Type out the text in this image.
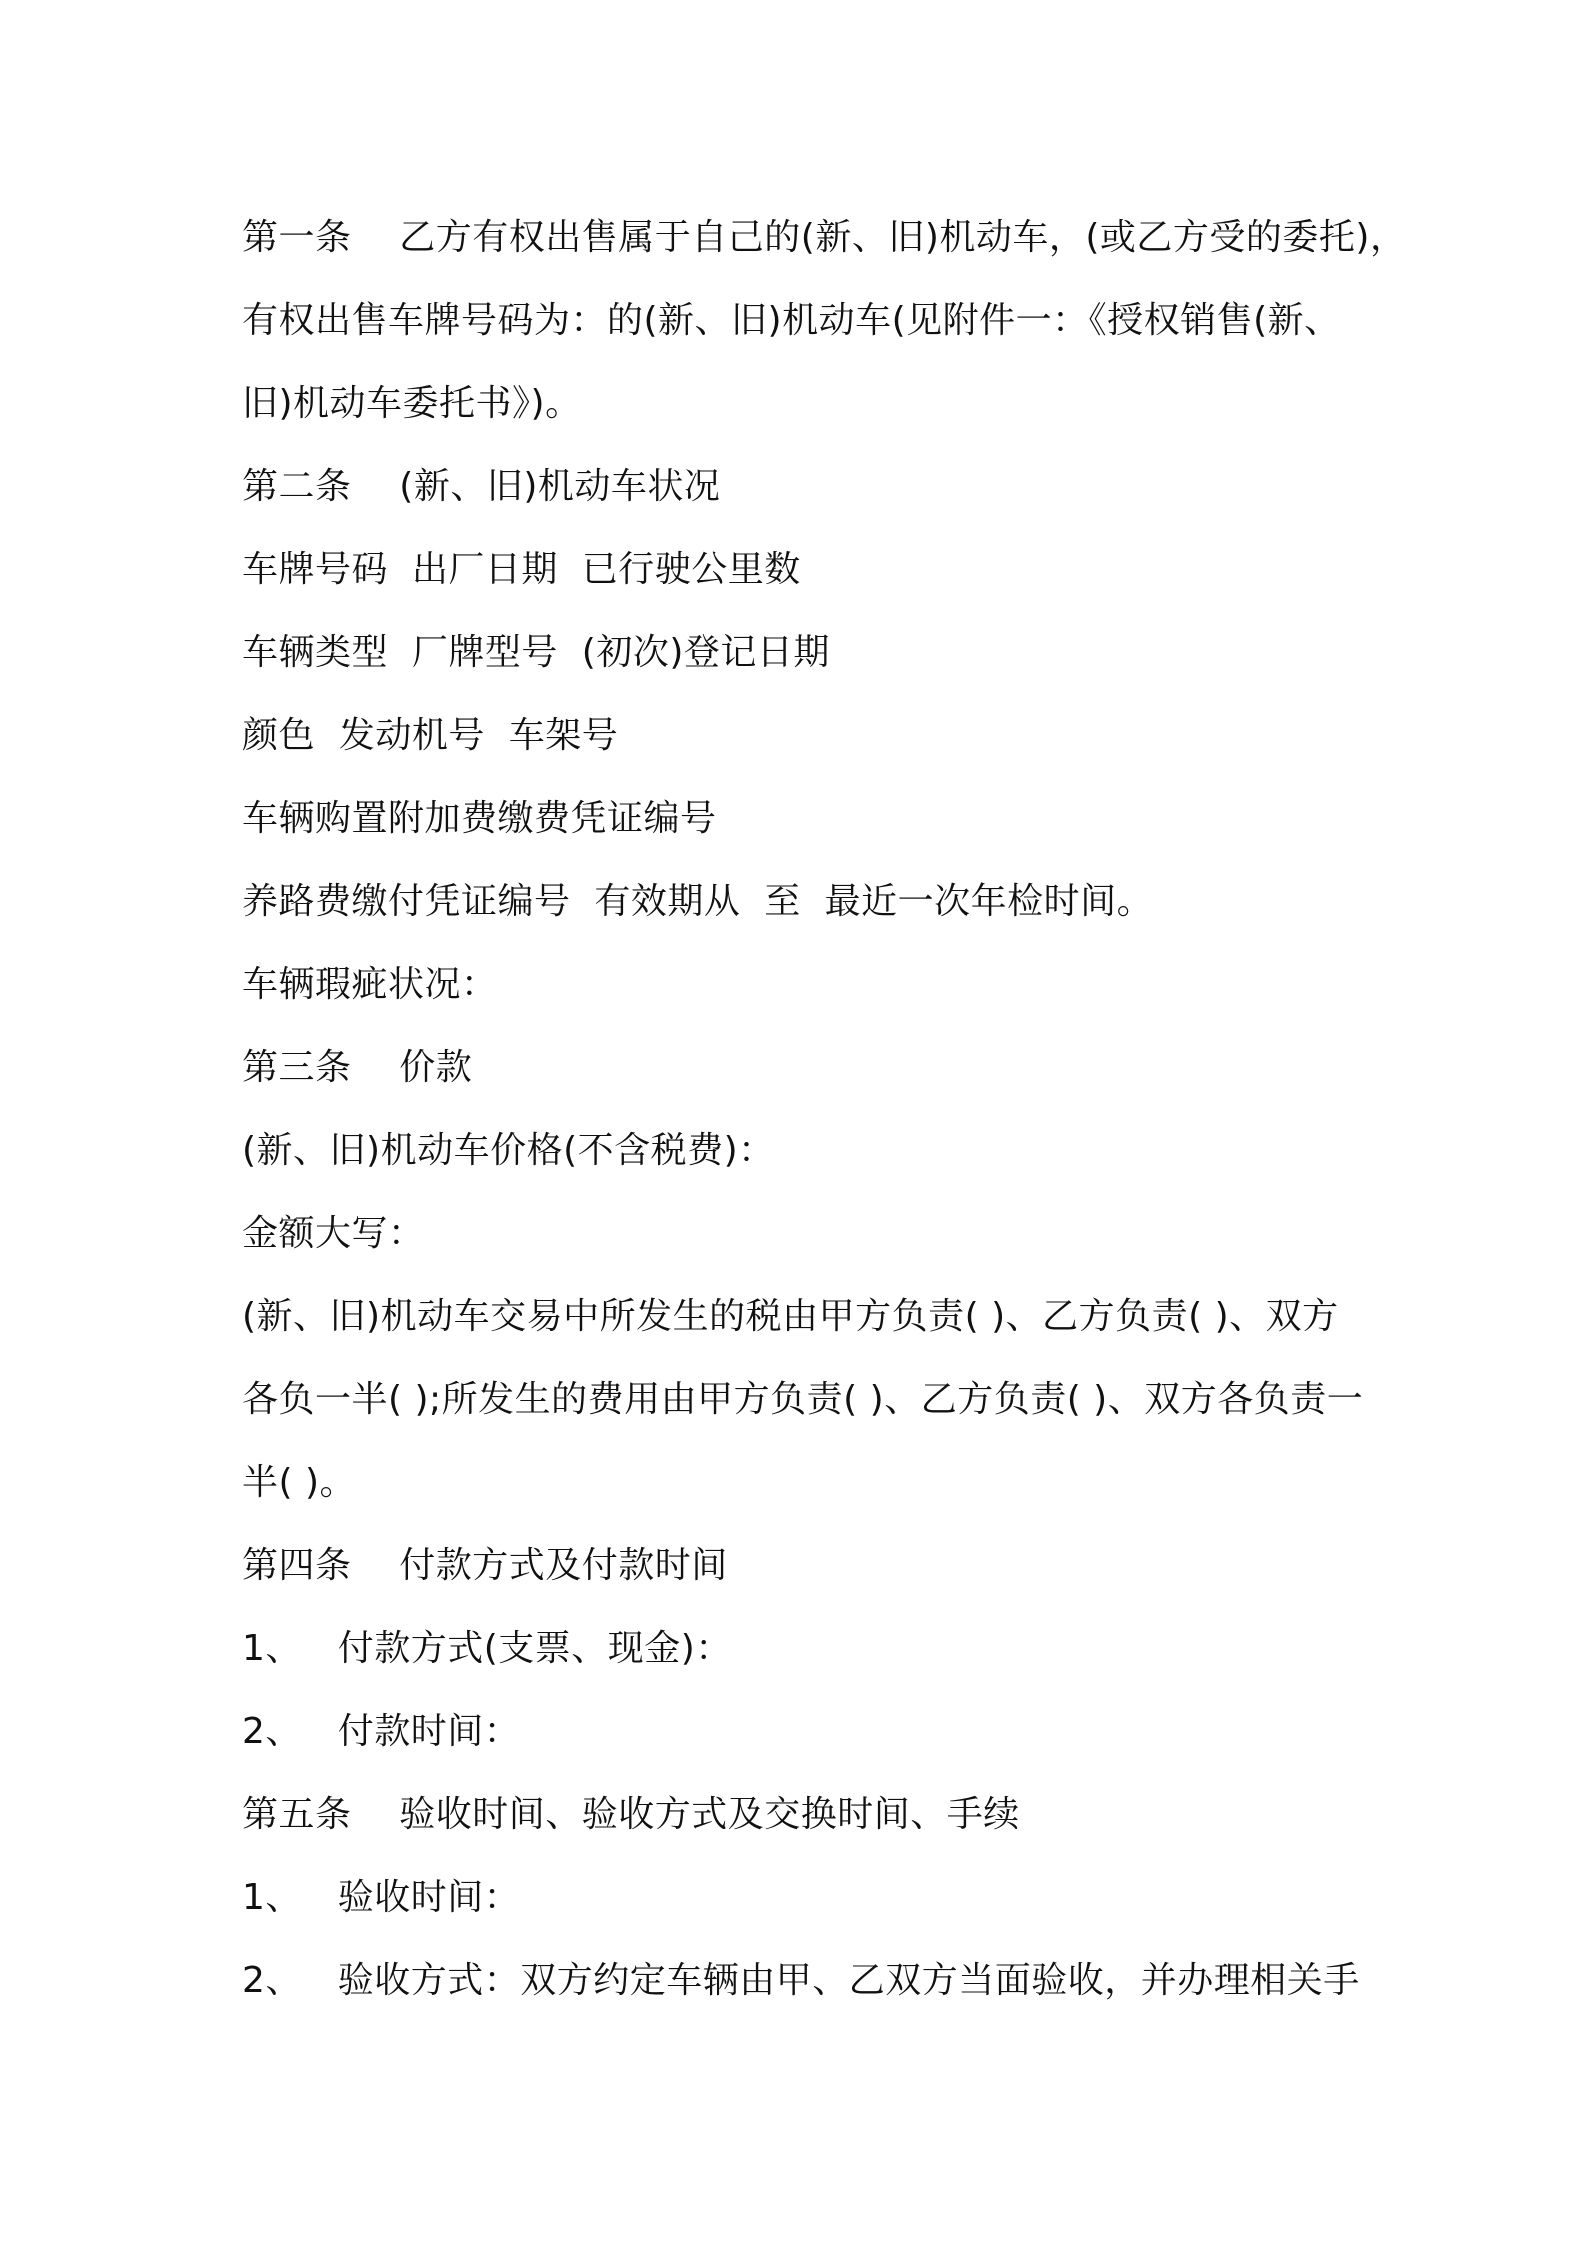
第一条    乙方有权出售属于自己的(新、旧)机动车，(或乙方受的委托)，
有权出售车牌号码为：的(新、旧)机动车(见附件一：《授权销售(新、
旧)机动车委托书》)。
第二条    (新、旧)机动车状况
车牌号码  出厂日期  已行驶公里数
车辆类型  厂牌型号  (初次)登记日期
颜色  发动机号  车架号
车辆购置附加费缴费凭证编号
养路费缴付凭证编号  有效期从  至  最近一次年检时间。
车辆瑕疵状况：
第三条    价款
(新、旧)机动车价格(不含税费)：
金额大写：
(新、旧)机动车交易中所发生的税由甲方负责( )、乙方负责( )、双方
各负一半( );所发生的费用由甲方负责( )、乙方负责( )、双方各负责一
半( )。
第四条    付款方式及付款时间
1、   付款方式(支票、现金)：
2、   付款时间：
第五条    验收时间、验收方式及交换时间、手续
1、   验收时间：
2、   验收方式：双方约定车辆由甲、乙双方当面验收，并办理相关手
